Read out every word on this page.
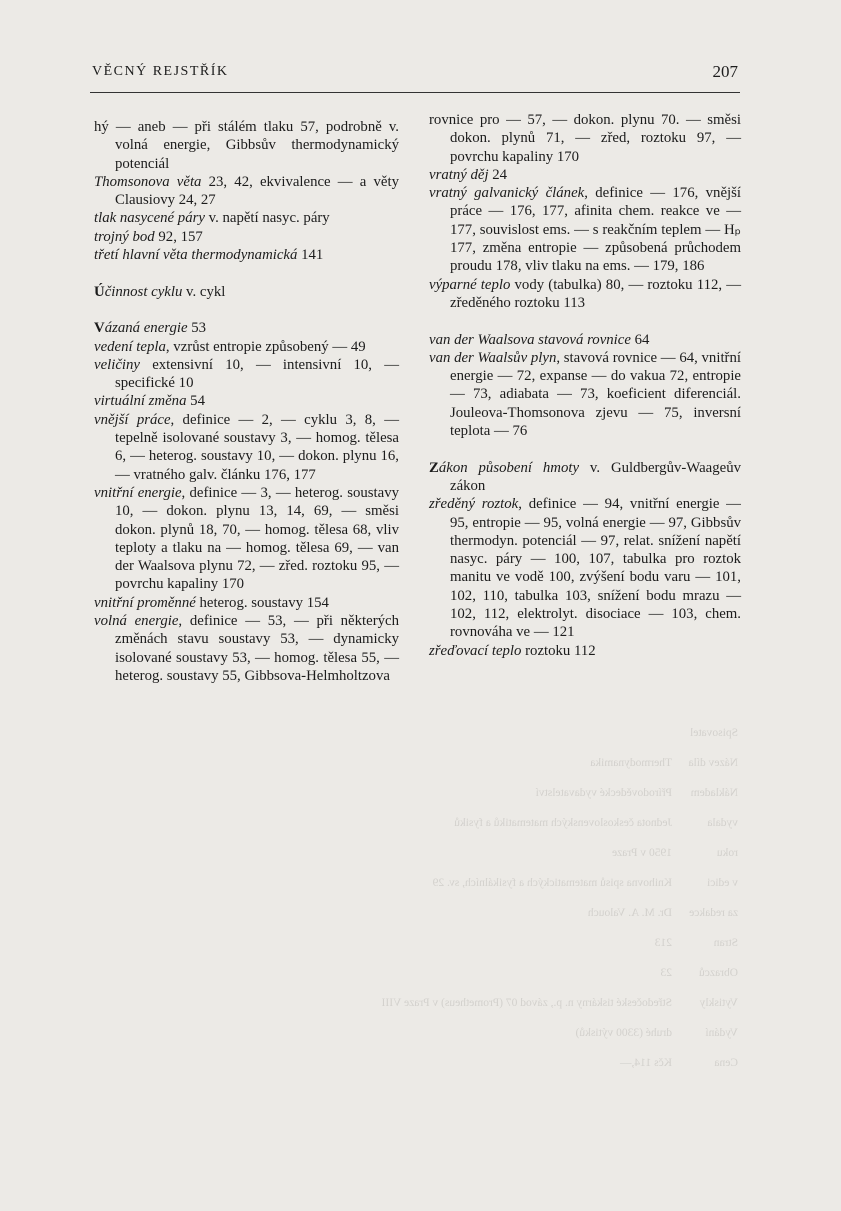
VĚCNÝ REJSTŘÍK	207
hý — aneb — při stálém tlaku 57, podrobně v. volná energie, Gibbsův thermodynamický potenciál
Thomsonova věta 23, 42, ekvivalence — a věty Clausiovy 24, 27
tlak nasycené páry v. napětí nasyc. páry
trojný bod 92, 157
třetí hlavní věta thermodynamická 141
Účinnost cyklu v. cykl
Vázaná energie 53
vedení tepla, vzrůst entropie způsobený — 49
veličiny extensivní 10, — intensivní 10, — specifické 10
virtuální změna 54
vnější práce, definice — 2, — cyklu 3, 8, — tepelně isolované soustavy 3, — homog. tělesa 6, — heterog. soustavy 10, — dokon. plynu 16, — vratného galv. článku 176, 177
vnitřní energie, definice — 3, — heterog. soustavy 10, — dokon. plynu 13, 14, 69, — směsi dokon. plynů 18, 70, — homog. tělesa 68, vliv teploty a tlaku na — homog. tělesa 69, — van der Waalsova plynu 72, — zřed. roztoku 95, — povrchu kapaliny 170
vnitřní proměnné heterog. soustavy 154
volná energie, definice — 53, — při některých změnách stavu soustavy 53, — dynamicky isolované soustavy 53, — homog. tělesa 55, — heterog. soustavy 55, Gibbsova-Helmholtzova
rovnice pro — 57, — dokon. plynu 70. — směsi dokon. plynů 71, — zřed, roztoku 97, — povrchu kapaliny 170
vratný děj 24
vratný galvanický článek, definice — 176, vnější práce — 176, 177, afinita chem. reakce ve — 177, souvislost ems. — s reakčním teplem — Hₚ 177, změna entropie — způsobená průchodem proudu 178, vliv tlaku na ems. — 179, 186
výparné teplo vody (tabulka) 80, — roztoku 112, — zředěného roztoku 113
van der Waalsova stavová rovnice 64
van der Waalsův plyn, stavová rovnice — 64, vnitřní energie — 72, expanse — do vakua 72, entropie — 73, adiabata — 73, koeficient diferenciál. Jouleova-Thomsonova zjevu — 75, inversní teplota — 76
Zákon působení hmoty v. Guldbergův-Waageův zákon
zředěný roztok, definice — 94, vnitřní energie — 95, entropie — 95, volná energie — 97, Gibbsův thermodyn. potenciál — 97, relat. snížení napětí nasyc. páry — 100, 107, tabulka pro roztok manitu ve vodě 100, zvýšení bodu varu — 101, 102, 110, tabulka 103, snížení bodu mrazu — 102, 112, elektrolyt. disociace — 103, chem. rovnováha ve — 121
zřeďovací teplo roztoku 112
Spisovatel
Název dílaThermodynamika
NáklademPřírodovědecké vydavatelství
vydalaJednota československých matematiků a fysiků
roku1950 v Praze
v ediciKnihovna spisů matematických a fysikálních, sv. 29
za redakceDr. M. A. Valouch
Stran213
Obrazců23
VytisklyStředočeské tiskárny n. p., závod 07 (Prometheus) v Praze VIII
Vydánídruhé (3300 výtisků)
CenaKčs 114,—
